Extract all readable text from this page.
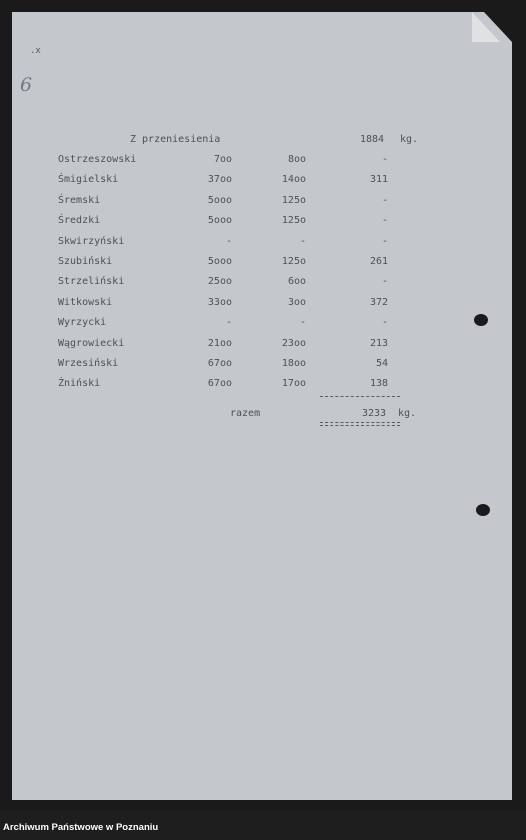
.x
6
Z przeniesienia	1884 kg.
Ostrzeszowski	7oo	8oo	-
Śmigielski	37oo	14oo	311
Śremski	5ooo	125o	-
Średzki	5ooo	125o	-
Skwirzyński	-	-	-
Szubiński	5ooo	125o	261
Strzeliński	25oo	6oo	-
Witkowski	33oo	3oo	372
Wyrzycki	-	-	-
Wągrowiecki	21oo	23oo	213
Wrzesiński	67oo	18oo	54
Żniński	67oo	17oo	138
razem	3233 kg.
Archiwum Państwowe w Poznaniu
